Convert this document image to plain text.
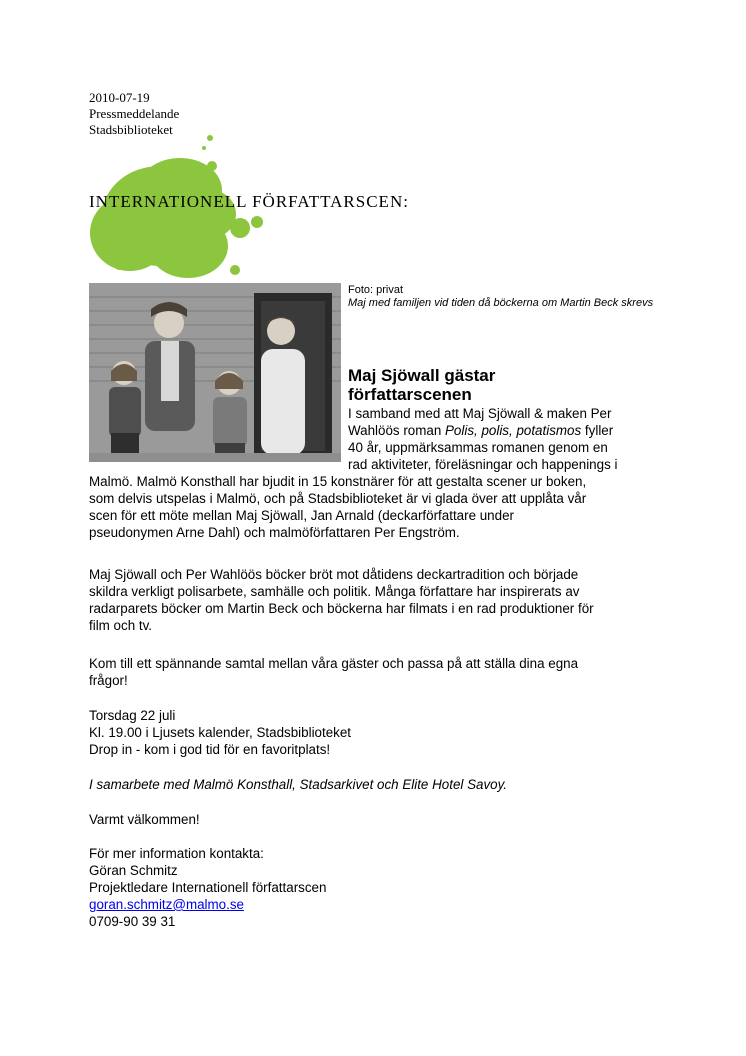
2010-07-19
Pressmeddelande
Stadsbiblioteket
INTERNATIONELL FÖRFATTARSCEN:
Foto: privat
Maj med familjen vid tiden då böckerna om Martin Beck skrevs
Maj Sjöwall gästar författarscenen
I samband med att Maj Sjöwall & maken Per
Wahlöös roman Polis, polis, potatismos fyller
40 år, uppmärksammas romanen genom en
rad aktiviteter, föreläsningar och happenings i
Malmö. Malmö Konsthall har bjudit in 15 konstnärer för att gestalta scener ur boken,
som delvis utspelas i Malmö, och på Stadsbiblioteket är vi glada över att upplåta vår
scen för ett möte mellan Maj Sjöwall, Jan Arnald (deckarförfattare under
pseudonymen Arne Dahl) och malmöförfattaren Per Engström.
Maj Sjöwall och Per Wahlöös böcker bröt mot dåtidens deckartradition och började
skildra verkligt polisarbete, samhälle och politik. Många författare har inspirerats av
radarparets böcker om Martin Beck och böckerna har filmats i en rad produktioner för
film och tv.
Kom till ett spännande samtal mellan våra gäster och passa på att ställa dina egna
frågor!
Torsdag 22 juli
Kl. 19.00 i Ljusets kalender, Stadsbiblioteket
Drop in - kom i god tid för en favoritplats!
I samarbete med Malmö Konsthall, Stadsarkivet och Elite Hotel Savoy.
Varmt välkommen!
För mer information kontakta:
Göran Schmitz
Projektledare Internationell författarscen
goran.schmitz@malmo.se
0709-90 39 31
